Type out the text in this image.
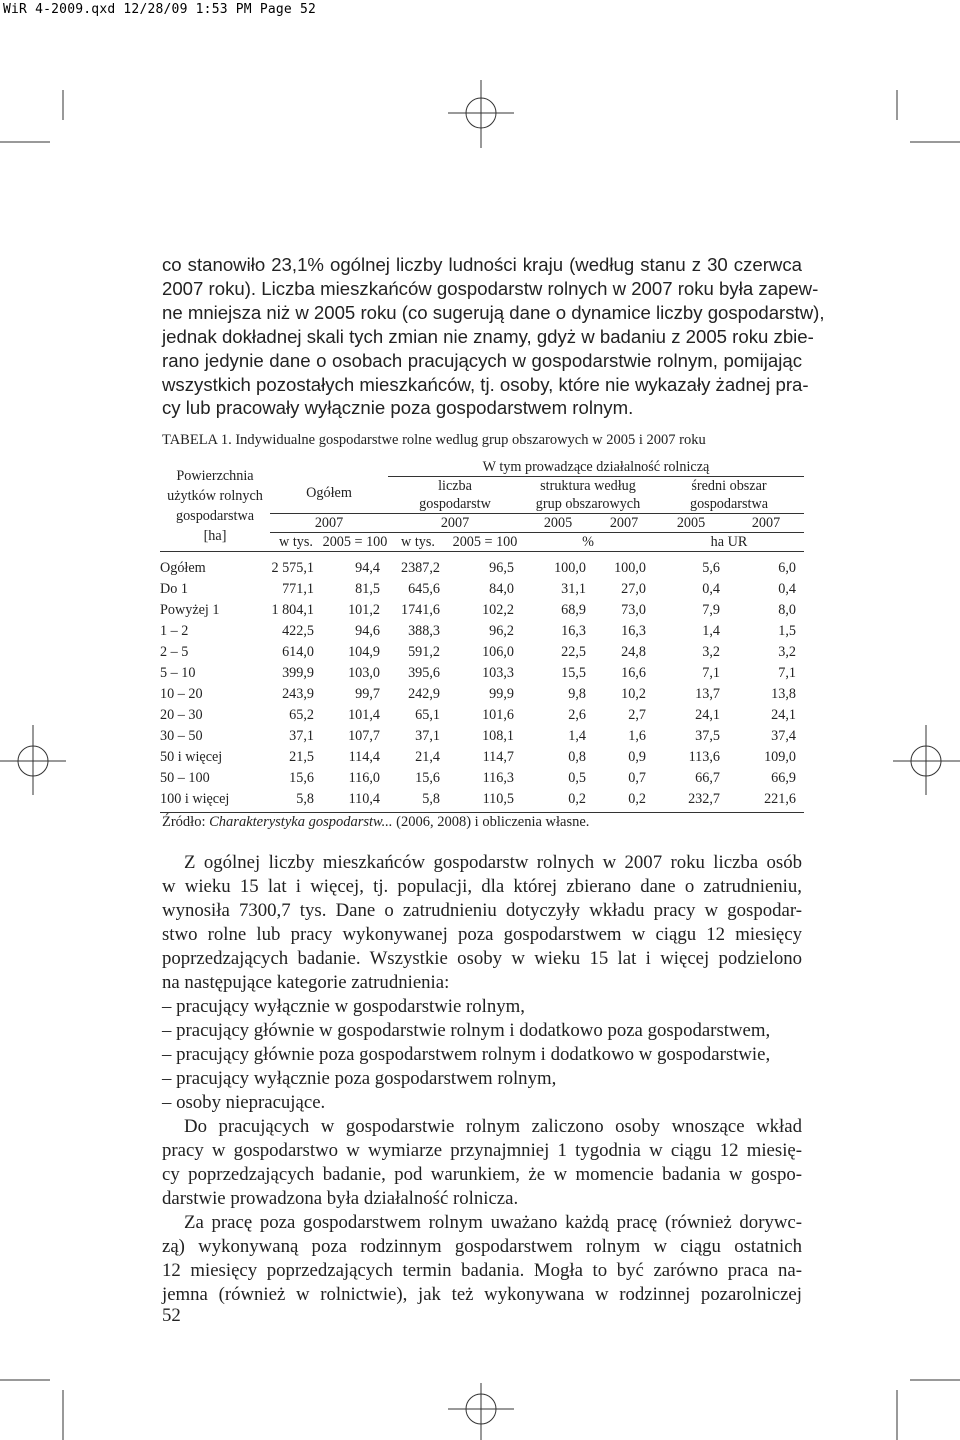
WiR 4-2009.qxd 12/28/09 1:53 PM Page 52

co stanowiło 23,1% ogólnej liczby ludności kraju (według stanu z 30 czerwca
2007 roku). Liczba mieszkańców gospodarstw rolnych w 2007 roku była zapew-
ne mniejsza niż w 2005 roku (co sugerują dane o dynamice liczby gospodarstw),
jednak dokładnej skali tych zmian nie znamy, gdyż w badaniu z 2005 roku zbie-
rano jedynie dane o osobach pracujących w gospodarstwie rolnym, pomijając
wszystkich pozostałych mieszkańców, tj. osoby, które nie wykazały żadnej pra-
cy lub pracowały wyłącznie poza gospodarstwem rolnym.

TABELA 1. Indywidualne gospodarstwe rolne wedlug grup obszarowych w 2005 i 2007 roku

Powierzchnia
użytków rolnych
gospodarstwa
[ha]	Ogółem		W tym prowadzące działalność rolniczą					

			liczba
gospodarstw		struktura według
grup obszarowych		średni obszar
gospodarstwa	

	2007		2007		2005	2007	2005	2007
	w tys.	2005 = 100	w tys.	2005 = 100	%		ha UR	
Ogółem	2 575,1	94,4	2387,2	96,5	100,0	100,0	5,6	6,0
Do 1	771,1	81,5	645,6	84,0	31,1	27,0	0,4	0,4
Powyżej 1	1 804,1	101,2	1741,6	102,2	68,9	73,0	7,9	8,0
1 – 2	422,5	94,6	388,3	96,2	16,3	16,3	1,4	1,5
2 – 5	614,0	104,9	591,2	106,0	22,5	24,8	3,2	3,2
5 – 10	399,9	103,0	395,6	103,3	15,5	16,6	7,1	7,1
10 – 20	243,9	99,7	242,9	99,9	9,8	10,2	13,7	13,8
20 – 30	65,2	101,4	65,1	101,6	2,6	2,7	24,1	24,1
30 – 50	37,1	107,7	37,1	108,1	1,4	1,6	37,5	37,4
50 i więcej	21,5	114,4	21,4	114,7	0,8	0,9	113,6	109,0
50 – 100	15,6	116,0	15,6	116,3	0,5	0,7	66,7	66,9
100 i więcej	5,8	110,4	5,8	110,5	0,2	0,2	232,7	221,6

Źródło: Charakterystyka gospodarstw... (2006, 2008) i obliczenia własne.

Z ogólnej liczby mieszkańców gospodarstw rolnych w 2007 roku liczba osób
w wieku 15 lat i więcej, tj. populacji, dla której zbierano dane o zatrudnieniu,
wynosiła 7300,7 tys. Dane o zatrudnieniu dotyczyły wkładu pracy w gospodar-
stwo rolne lub pracy wykonywanej poza gospodarstwem w ciągu 12 miesięcy
poprzedzających badanie. Wszystkie osoby w wieku 15 lat i więcej podzielono
na następujące kategorie zatrudnienia:
– pracujący wyłącznie w gospodarstwie rolnym,
– pracujący głównie w gospodarstwie rolnym i dodatkowo poza gospodarstwem,
– pracujący głównie poza gospodarstwem rolnym i dodatkowo w gospodarstwie,
– pracujący wyłącznie poza gospodarstwem rolnym,
– osoby niepracujące.
Do pracujących w gospodarstwie rolnym zaliczono osoby wnoszące wkład
pracy w gospodarstwo w wymiarze przynajmniej 1 tygodnia w ciągu 12 miesię-
cy poprzedzających badanie, pod warunkiem, że w momencie badania w gospo-
darstwie prowadzona była działalność rolnicza.
Za pracę poza gospodarstwem rolnym uważano każdą pracę (również dorywc-
zą) wykonywaną poza rodzinnym gospodarstwem rolnym w ciągu ostatnich
12 miesięcy poprzedzających termin badania. Mogła to być zarówno praca na-
jemna (również w rolnictwie), jak też wykonywana w rodzinnej pozarolniczej

52
